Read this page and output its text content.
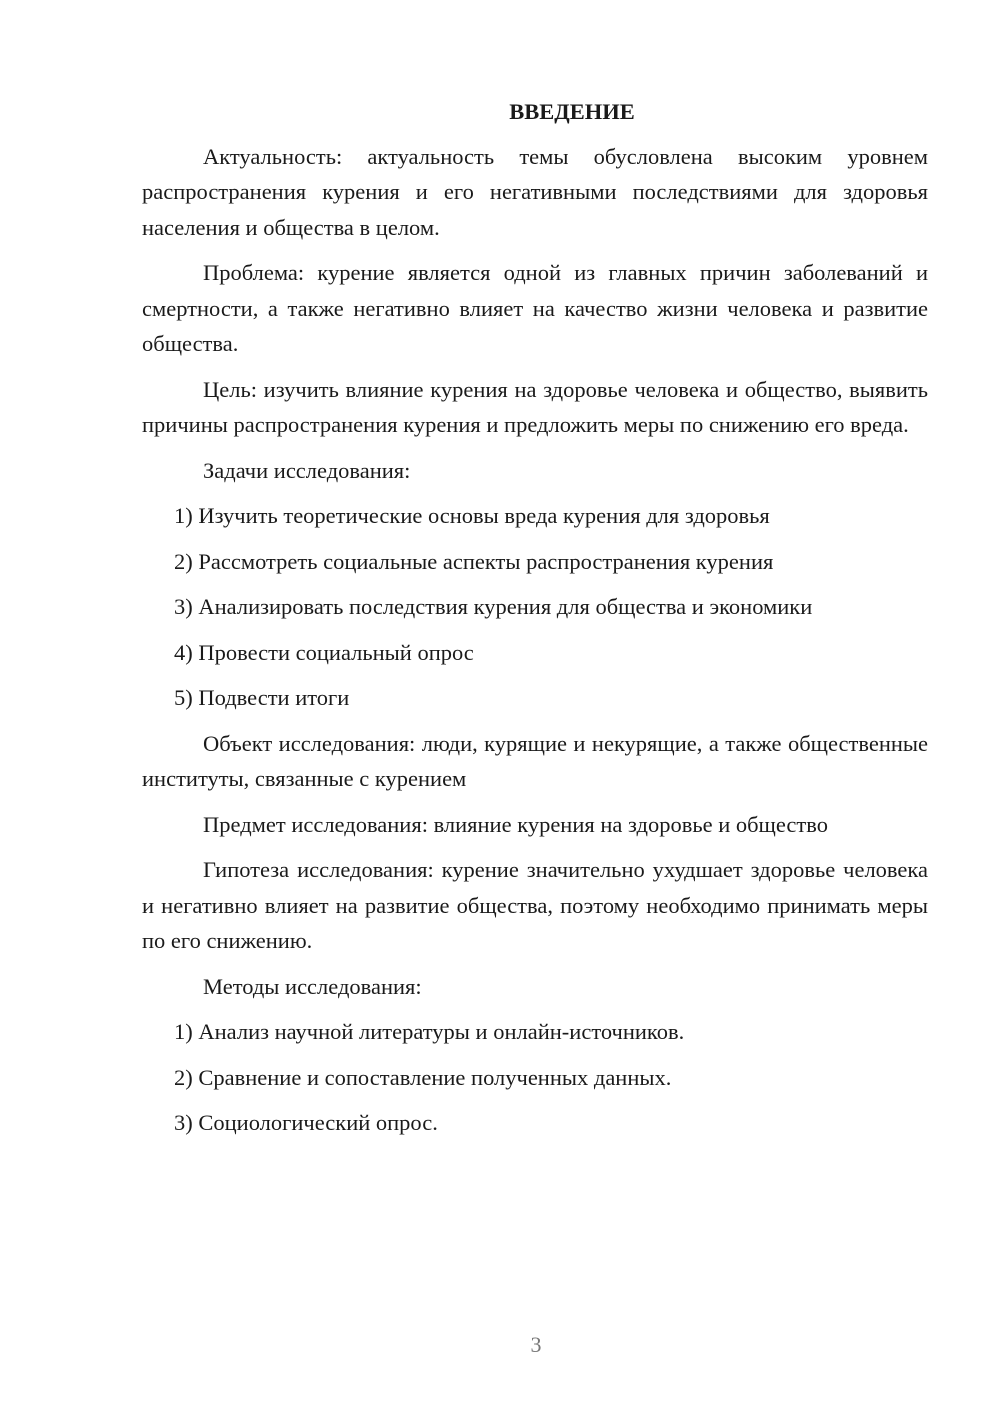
ВВЕДЕНИЕ

Актуальность: актуальность темы обусловлена высоким уровнем распространения курения и его негативными последствиями для здоровья населения и общества в целом.

Проблема: курение является одной из главных причин заболеваний и смертности, а также негативно влияет на качество жизни человека и развитие общества.

Цель: изучить влияние курения на здоровье человека и общество, выявить причины распространения курения и предложить меры по снижению его вреда.

Задачи исследования:

1) Изучить теоретические основы вреда курения для здоровья

2) Рассмотреть социальные аспекты распространения курения

3) Анализировать последствия курения для общества и экономики

4) Провести социальный опрос

5) Подвести итоги

Объект исследования: люди, курящие и некурящие, а также общественные институты, связанные с курением

Предмет исследования: влияние курения на здоровье и общество

Гипотеза исследования: курение значительно ухудшает здоровье человека и негативно влияет на развитие общества, поэтому необходимо принимать меры по его снижению.

Методы исследования:

1) Анализ научной литературы и онлайн-источников.

2) Сравнение и сопоставление полученных данных.

3) Социологический опрос.

3
